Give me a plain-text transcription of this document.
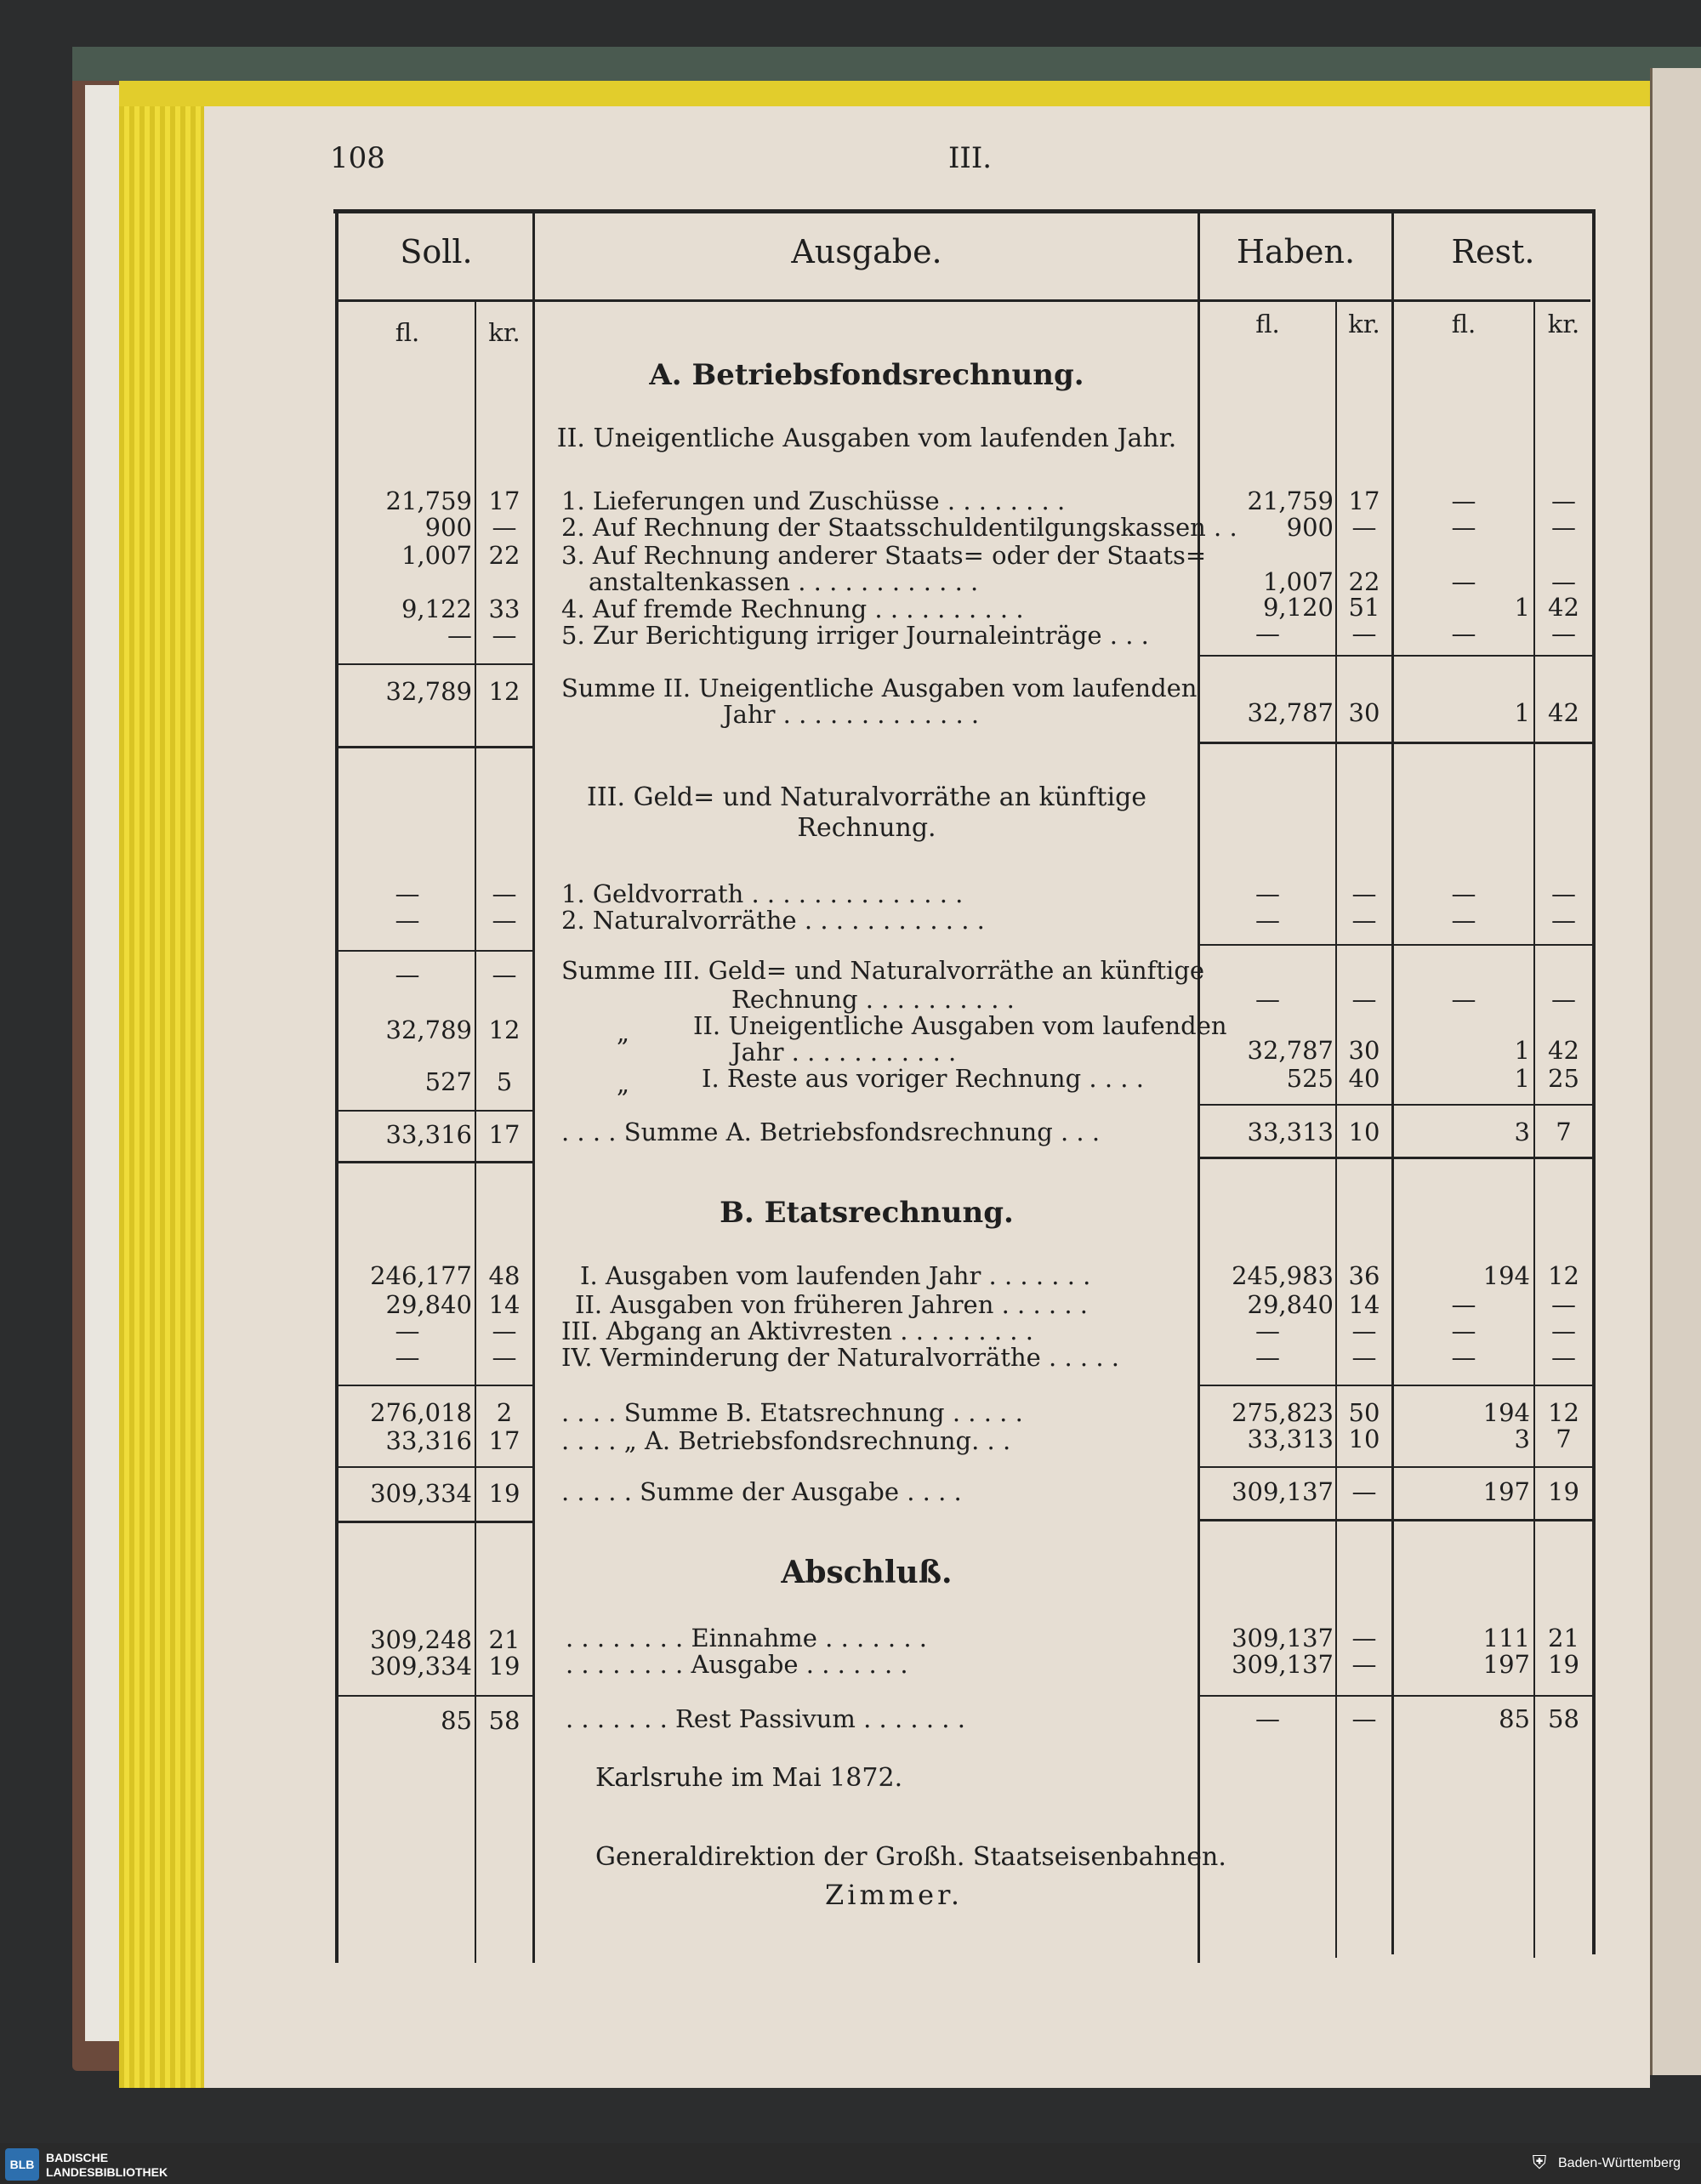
108	III.
Soll.	Ausgabe.	Haben.	Rest.
fl.	kr.	fl.	kr.	fl.	kr.
A. Betriebsfondsrechnung.
II. Uneigentliche Ausgaben vom laufenden Jahr.
21,759 17	1. Lieferungen und Zuschüsse . . . . . . . .	21,759 17	—	—
900 —	2. Auf Rechnung der Staatsschuldentilgungskassen . .	900 —	—	—
1,007 22	3. Auf Rechnung anderer Staats= oder der Staats=
anstaltenkassen . . . . . . . . . . . .	1,007 22	—	—
9,122 33	4. Auf fremde Rechnung . . . . . . . . . .	9,120 51	1 42
— —	5. Zur Berichtigung irriger Journaleinträge . . .	—	—	—	—
32,789 12	Summe II. Uneigentliche Ausgaben vom laufenden
Jahr . . . . . . . . . . . . .	32,787 30	1 42
III. Geld= und Naturalvorräthe an künftige
Rechnung.
—	—	1. Geldvorrath . . . . . . . . . . . . . .	—	—	—	—
—	—	2. Naturalvorräthe . . . . . . . . . . . .	—	—	—	—
—	—	Summe III. Geld= und Naturalvorräthe an künftige
Rechnung . . . . . . . . . .	—	—	—	—
32,789 12	„	II. Uneigentliche Ausgaben vom laufenden
Jahr . . . . . . . . . . .	32,787 30	1 42
527 5	„	I. Reste aus voriger Rechnung . . . .	525 40	1 25
33,316 17	. . . . Summe A. Betriebsfondsrechnung . . .	33,313 10	3	7
B. Etatsrechnung.
246,177 48	I. Ausgaben vom laufenden Jahr . . . . . . .	245,983 36	194 12
29,840 14	II. Ausgaben von früheren Jahren . . . . . .	29,840 14	—	—
—	—	III. Abgang an Aktivresten . . . . . . . . .	—	—	—	—
—	—	IV. Verminderung der Naturalvorräthe . . . . .	—	—	—	—
276,018 2	. . . . Summe B. Etatsrechnung . . . . .	275,823 50	194 12
33,316 17	. . . . „ A. Betriebsfondsrechnung. . .	33,313 10	3	7
309,334 19	. . . . . Summe der Ausgabe . . . .	309,137 —	197 19
Abschluß.
309,248 21	. . . . . . . . Einnahme . . . . . . .	309,137 —	111 21
309,334 19	. . . . . . . . Ausgabe . . . . . . .	309,137 —	197 19
85 58	. . . . . . . Rest Passivum . . . . . . .	—	—	85 58
Karlsruhe im Mai 1872.
Generaldirektion der Großh. Staatseisenbahnen.
Zimmer.
BLB BADISCHE
LANDESBIBLIOTHEK	⛨ Baden-Württemberg
